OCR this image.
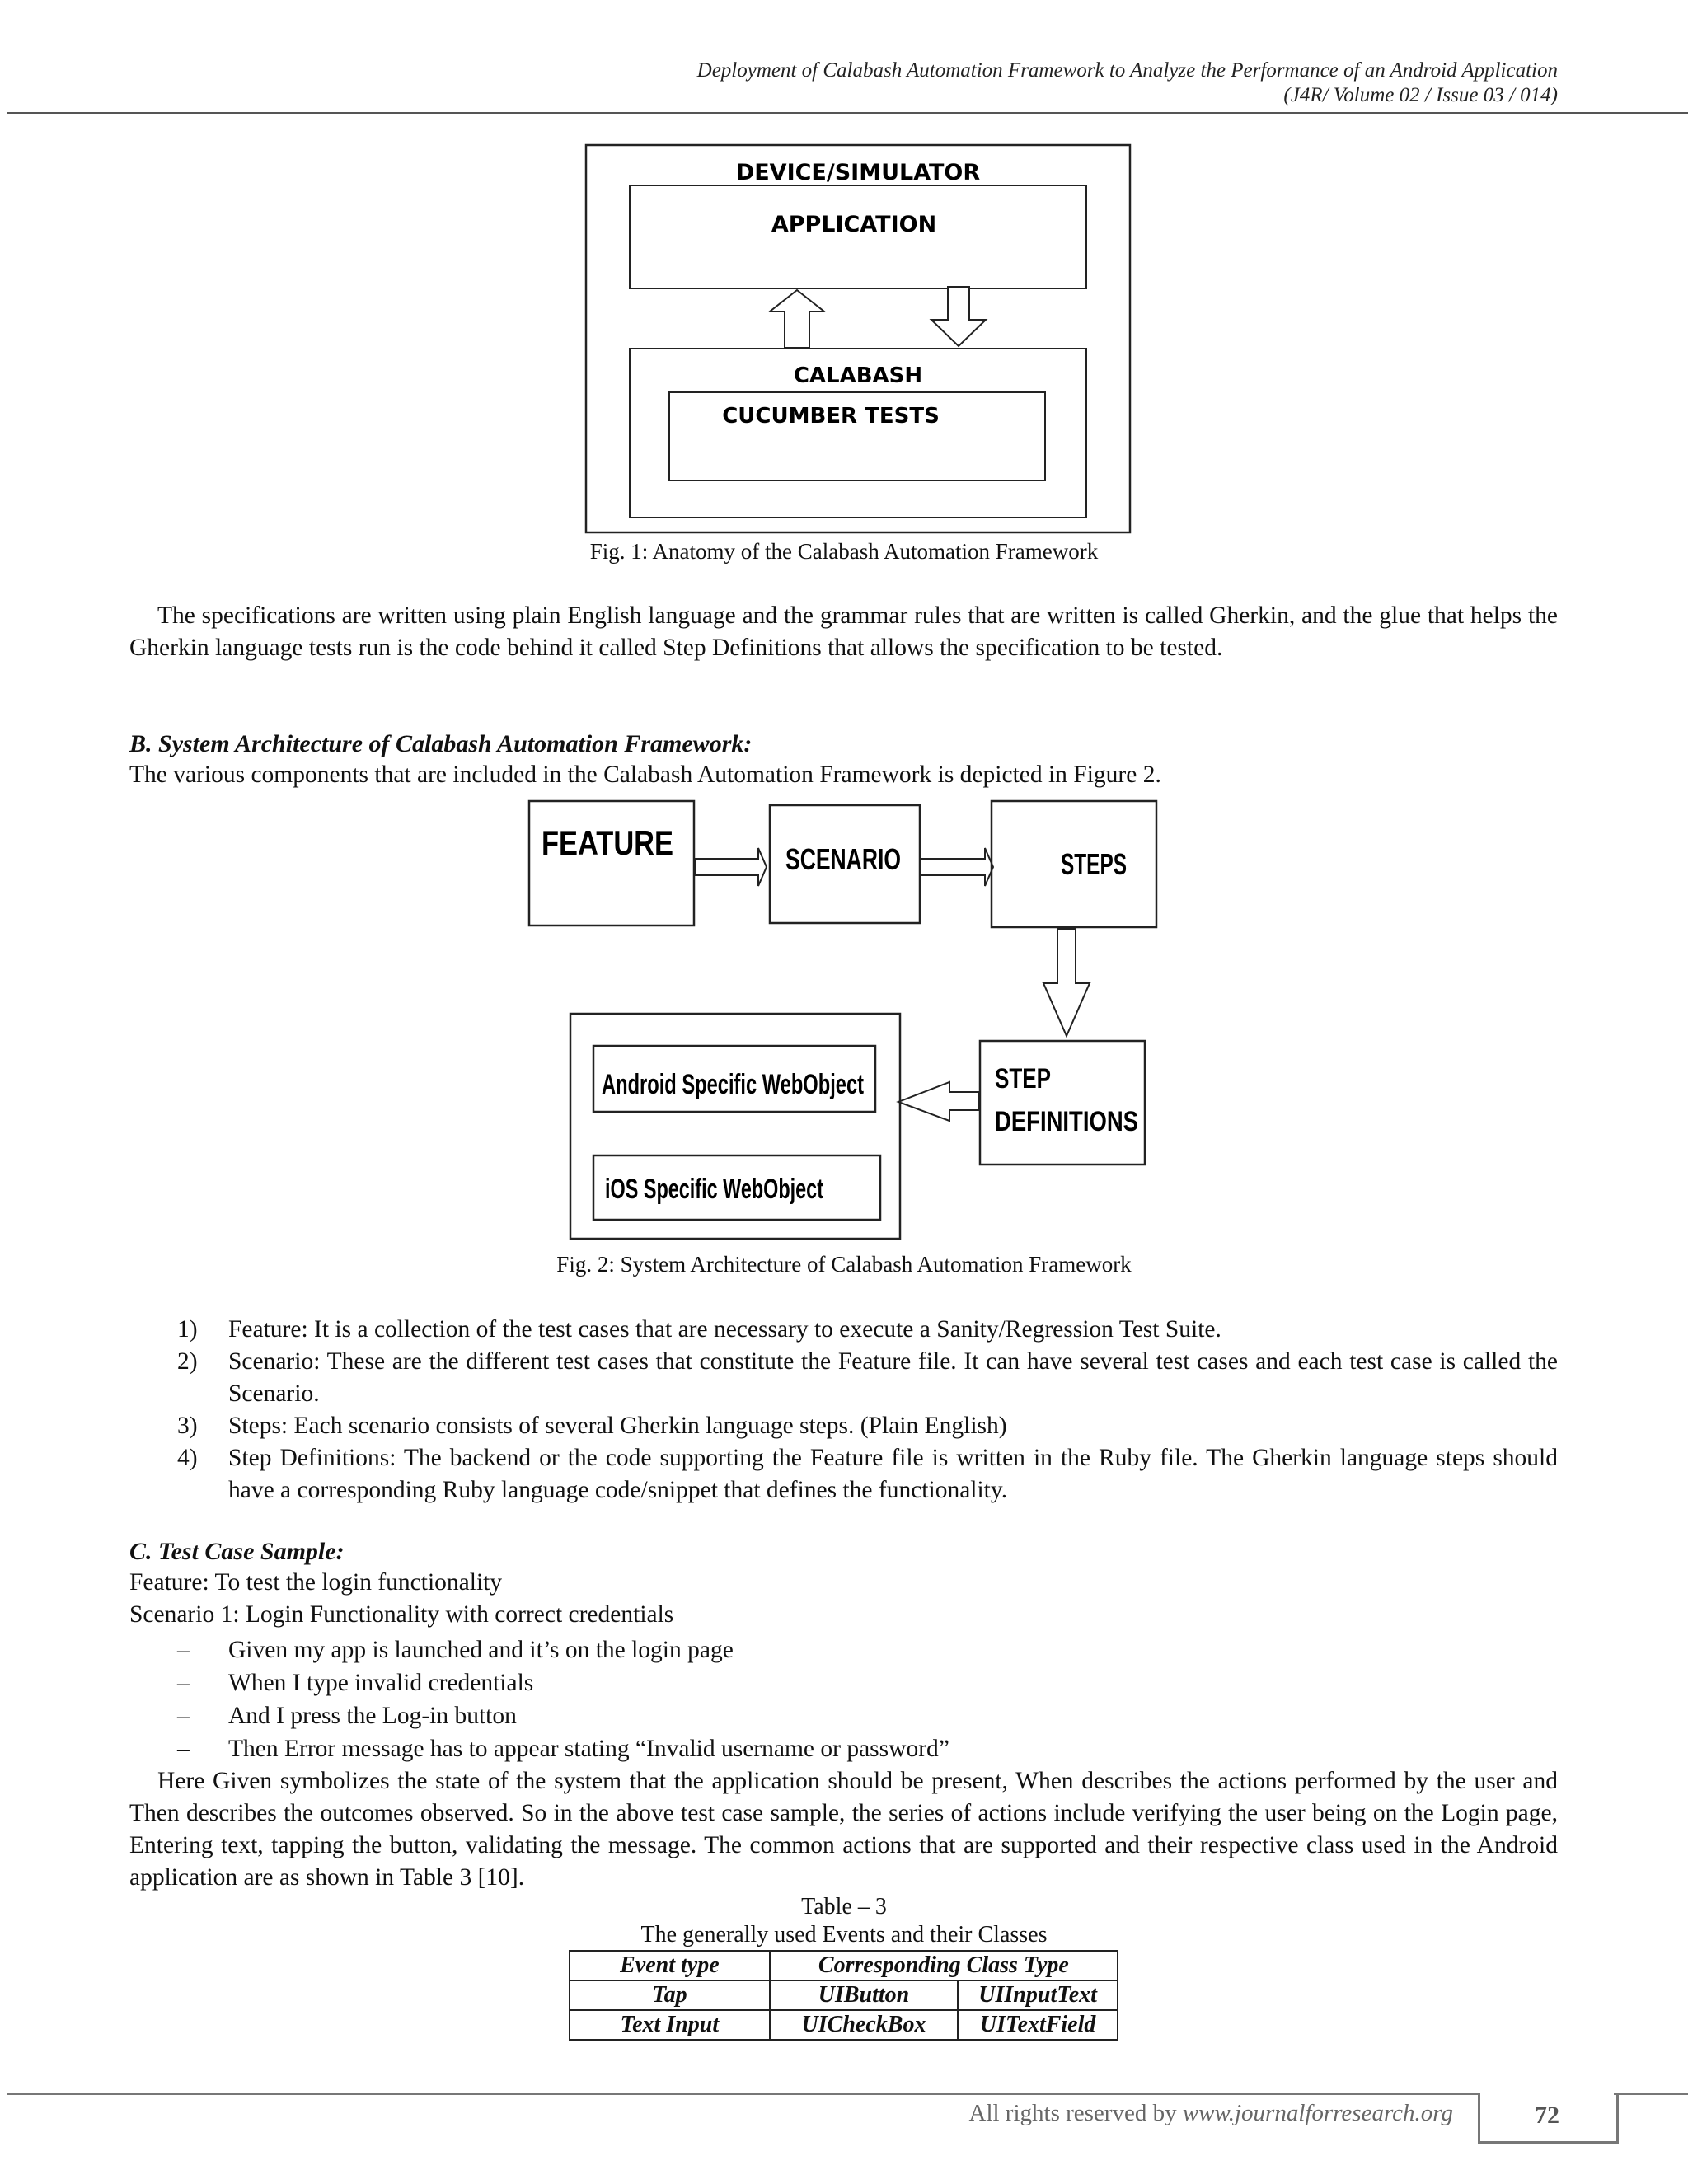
Deployment of Calabash Automation Framework to Analyze the Performance of an Android Application
(J4R/ Volume 02 / Issue 03 / 014)
DEVICE/SIMULATOR
APPLICATION
CALABASH
CUCUMBER TESTS
Fig. 1: Anatomy of the Calabash Automation Framework
The specifications are written using plain English language and the grammar rules that are written is called Gherkin, and the glue that helps the Gherkin language tests run is the code behind it called Step Definitions that allows the specification to be tested.
B. System Architecture of Calabash Automation Framework:
The various components that are included in the Calabash Automation Framework is depicted in Figure 2.
FEATURE	SCENARIO	STEPS
STEP
DEFINITIONS
Android Specific WebObject
iOS Specific WebObject
Fig. 2: System Architecture of Calabash Automation Framework
1) Feature: It is a collection of the test cases that are necessary to execute a Sanity/Regression Test Suite.
2) Scenario: These are the different test cases that constitute the Feature file. It can have several test cases and each test case is called the Scenario.
3) Steps: Each scenario consists of several Gherkin language steps. (Plain English)
4) Step Definitions: The backend or the code supporting the Feature file is written in the Ruby file. The Gherkin language steps should have a corresponding Ruby language code/snippet that defines the functionality.
C. Test Case Sample:
Feature: To test the login functionality
Scenario 1: Login Functionality with correct credentials
– Given my app is launched and it’s on the login page
– When I type invalid credentials
– And I press the Log-in button
– Then Error message has to appear stating “Invalid username or password”
Here Given symbolizes the state of the system that the application should be present, When describes the actions performed by the user and Then describes the outcomes observed. So in the above test case sample, the series of actions include verifying the user being on the Login page, Entering text, tapping the button, validating the message. The common actions that are supported and their respective class used in the Android application are as shown in Table 3 [10].
Table – 3
The generally used Events and their Classes
Event type	Corresponding Class Type	
Tap	UIButton	UIInputText
Text Input	UICheckBox	UITextField
All rights reserved by www.journalforresearch.org	72
